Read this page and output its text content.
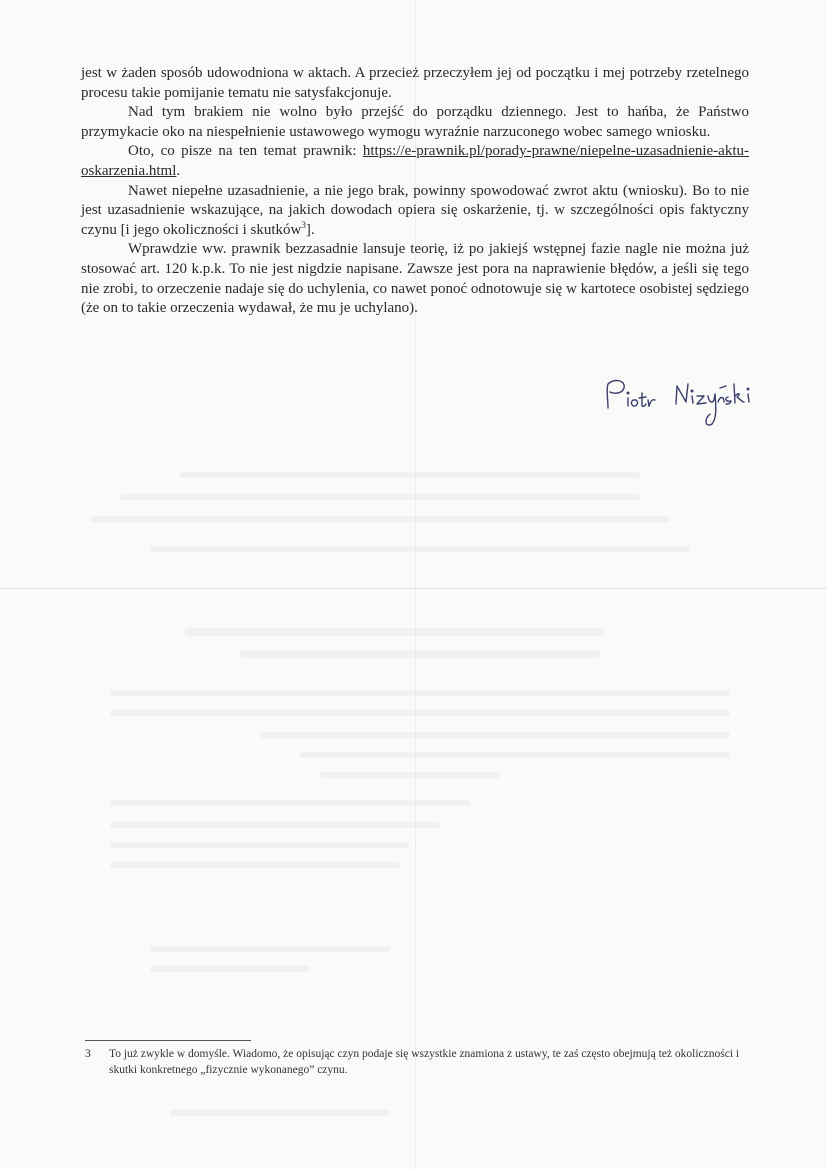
jest w żaden sposób udowodniona w aktach. A przecież przeczyłem jej od początku i mej potrzeby rzetelnego procesu takie pomijanie tematu nie satysfakcjonuje.

Nad tym brakiem nie wolno było przejść do porządku dziennego. Jest to hańba, że Państwo przymykacie oko na niespełnienie ustawowego wymogu wyraźnie narzuconego wobec samego wniosku.

Oto, co pisze na ten temat prawnik: https://e-prawnik.pl/porady-prawne/niepelne-uzasadnienie-aktu-oskarzenia.html.

Nawet niepełne uzasadnienie, a nie jego brak, powinny spowodować zwrot aktu (wniosku). Bo to nie jest uzasadnienie wskazujące, na jakich dowodach opiera się oskarżenie, tj. w szczególności opis faktyczny czynu [i jego okoliczności i skutków$^3$].

Wprawdzie ww. prawnik bezzasadnie lansuje teorię, iż po jakiejś wstępnej fazie nagle nie można już stosować art. 120 k.p.k. To nie jest nigdzie napisane. Zawsze jest pora na naprawienie błędów, a jeśli się tego nie zrobi, to orzeczenie nadaje się do uchylenia, co nawet ponoć odnotowuje się w kartotece osobistej sędziego (że on to takie orzeczenia wydawał, że mu je uchylano).

3 To już zwykle w domyśle. Wiadomo, że opisując czyn podaje się wszystkie znamiona z ustawy, te zaś często obejmują też okoliczności i skutki konkretnego „fizycznie wykonanego” czynu.
